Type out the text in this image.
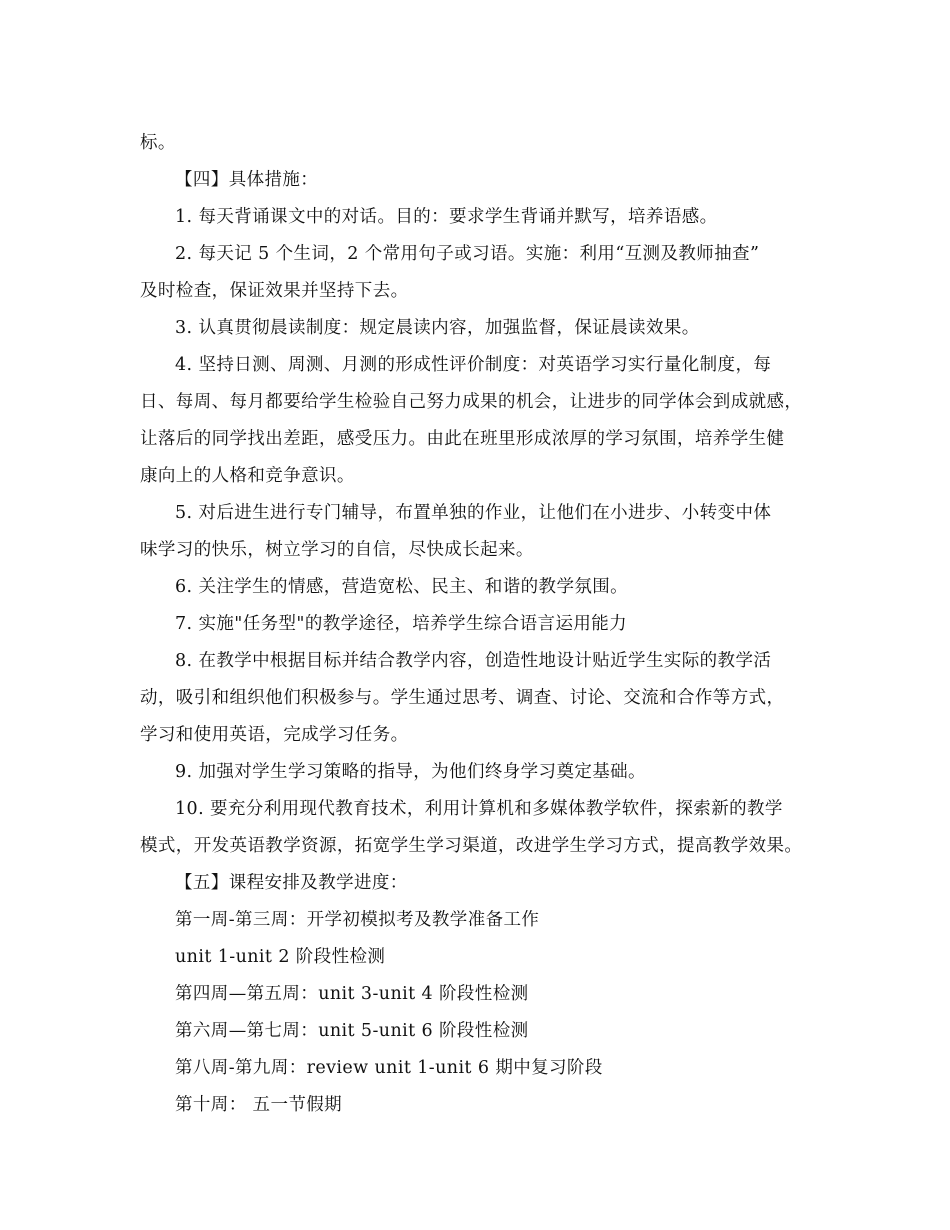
标。
【四】具体措施：
1. 每天背诵课文中的对话。目的：要求学生背诵并默写，培养语感。
2. 每天记 5 个生词，2 个常用句子或习语。实施：利用“互测及教师抽查”
及时检查，保证效果并坚持下去。
3. 认真贯彻晨读制度：规定晨读内容，加强监督，保证晨读效果。
4. 坚持日测、周测、月测的形成性评价制度：对英语学习实行量化制度，每
日、每周、每月都要给学生检验自己努力成果的机会，让进步的同学体会到成就感，
让落后的同学找出差距，感受压力。由此在班里形成浓厚的学习氛围，培养学生健
康向上的人格和竞争意识。
5. 对后进生进行专门辅导，布置单独的作业，让他们在小进步、小转变中体
味学习的快乐，树立学习的自信，尽快成长起来。
6. 关注学生的情感，营造宽松、民主、和谐的教学氛围。
7. 实施"任务型"的教学途径，培养学生综合语言运用能力
8. 在教学中根据目标并结合教学内容，创造性地设计贴近学生实际的教学活
动，吸引和组织他们积极参与。学生通过思考、调查、讨论、交流和合作等方式，
学习和使用英语，完成学习任务。
9. 加强对学生学习策略的指导，为他们终身学习奠定基础。
10. 要充分利用现代教育技术，利用计算机和多媒体教学软件，探索新的教学
模式，开发英语教学资源，拓宽学生学习渠道，改进学生学习方式，提高教学效果。
【五】课程安排及教学进度：
第一周-第三周：开学初模拟考及教学准备工作
unit 1-unit 2 阶段性检测
第四周—第五周：unit 3-unit 4 阶段性检测
第六周—第七周：unit 5-unit 6 阶段性检测
第八周-第九周：review unit 1-unit 6 期中复习阶段
第十周： 五一节假期
